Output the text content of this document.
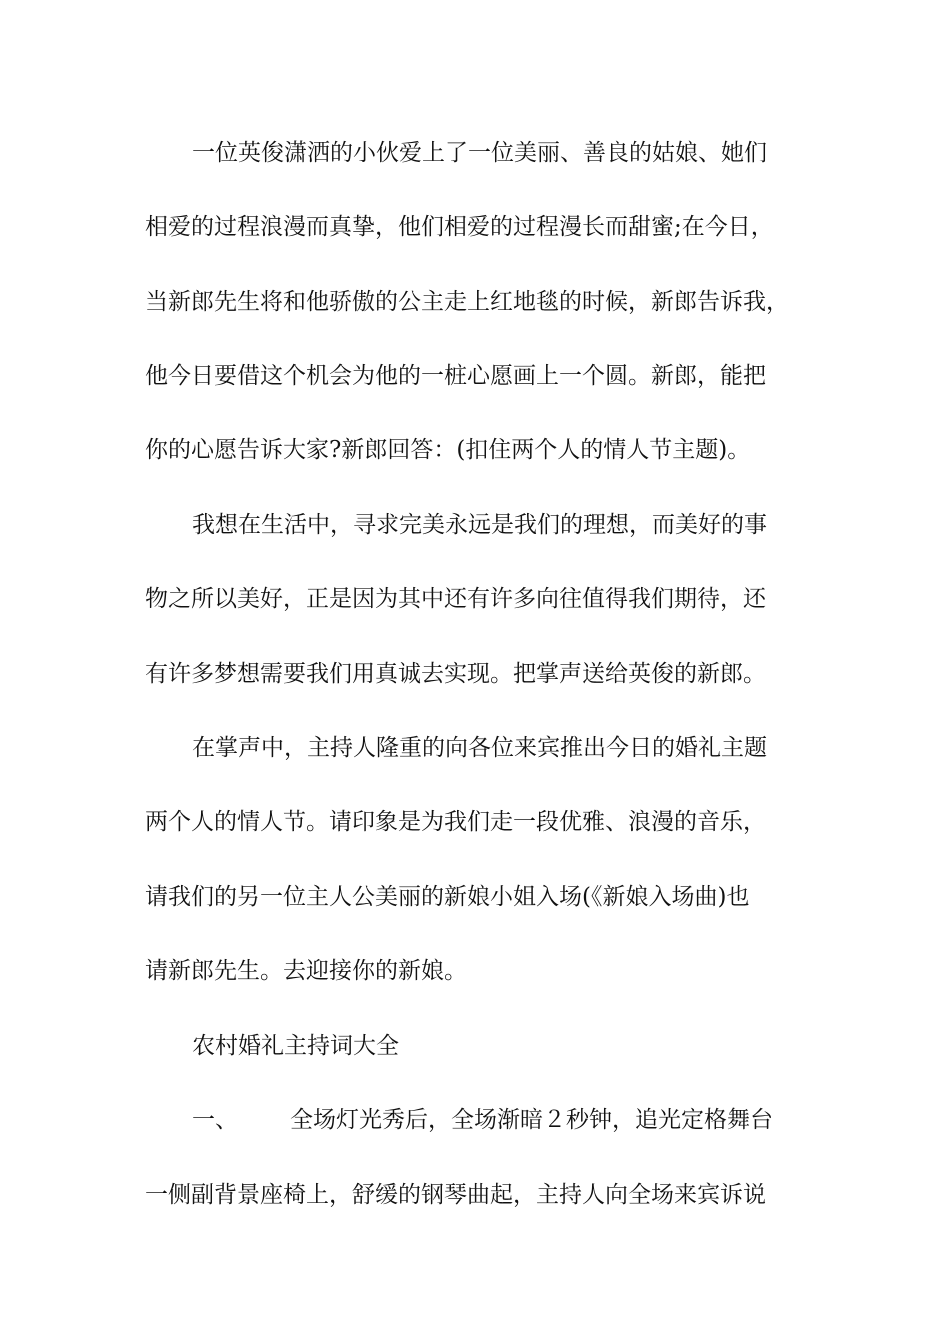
一位英俊潇洒的小伙爱上了一位美丽、善良的姑娘、她们
相爱的过程浪漫而真挚，他们相爱的过程漫长而甜蜜;在今日，
当新郎先生将和他骄傲的公主走上红地毯的时候，新郎告诉我，
他今日要借这个机会为他的一桩心愿画上一个圆。新郎，能把
你的心愿告诉大家?新郎回答：(扣住两个人的情人节主题)。
我想在生活中，寻求完美永远是我们的理想，而美好的事
物之所以美好，正是因为其中还有许多向往值得我们期待，还
有许多梦想需要我们用真诚去实现。把掌声送给英俊的新郎。
在掌声中，主持人隆重的向各位来宾推出今日的婚礼主题
两个人的情人节。请印象是为我们走一段优雅、浪漫的音乐，
请我们的另一位主人公美丽的新娘小姐入场(《新娘入场曲)也
请新郎先生。去迎接你的新娘。
农村婚礼主持词大全
一、 全场灯光秀后，全场渐暗２秒钟，追光定格舞台
一侧副背景座椅上，舒缓的钢琴曲起，主持人向全场来宾诉说
